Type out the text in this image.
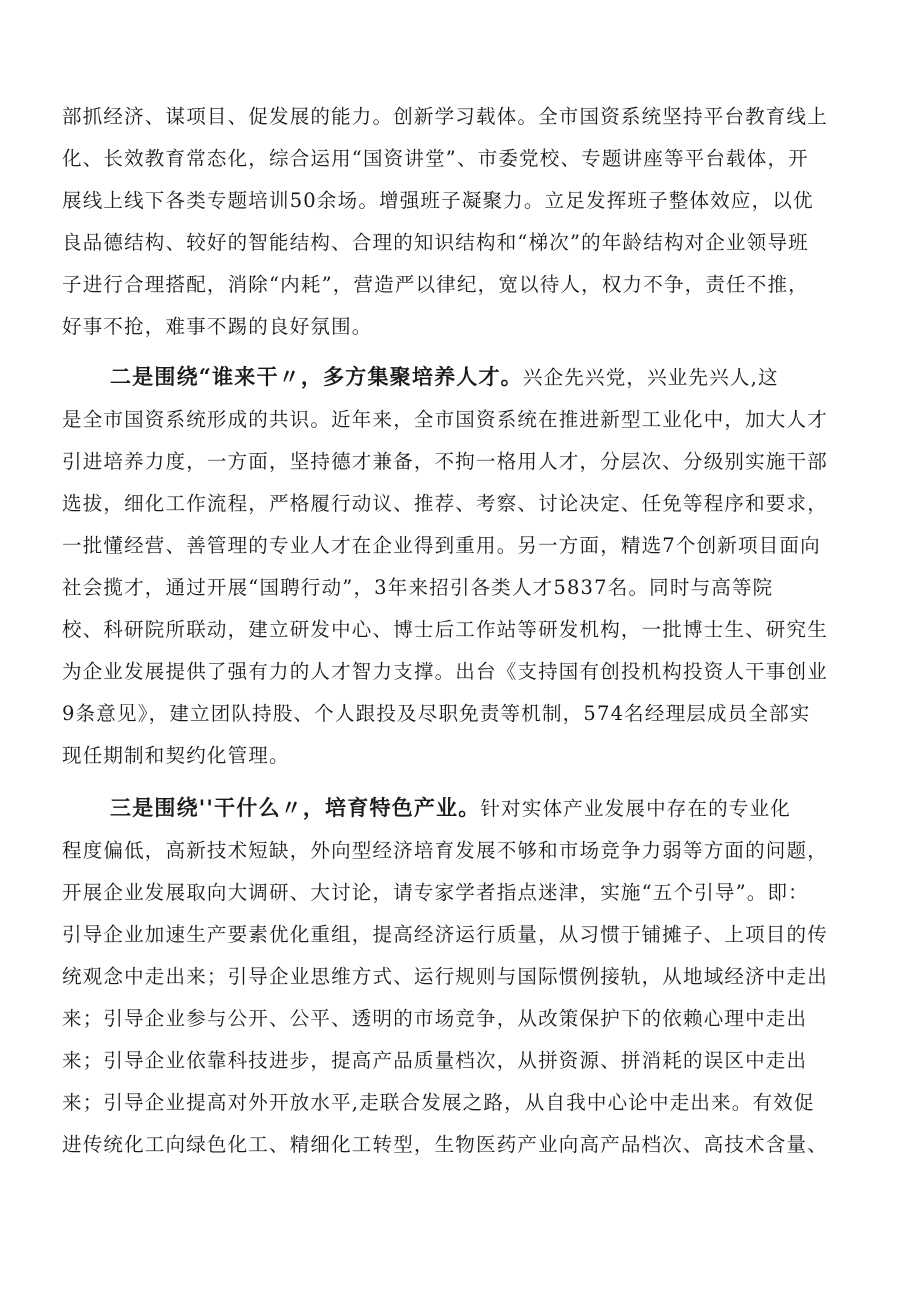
部抓经济、谋项目、促发展的能力。创新学习载体。全市国资系统坚持平台教育线上
化、长效教育常态化，综合运用“国资讲堂”、市委党校、专题讲座等平台载体，开
展线上线下各类专题培训50余场。增强班子凝聚力。立足发挥班子整体效应，以优
良品德结构、较好的智能结构、合理的知识结构和“梯次”的年龄结构对企业领导班
子进行合理搭配，消除“内耗”，营造严以律纪，宽以待人，权力不争，责任不推，
好事不抢，难事不踢的良好氛围。
二是围绕“谁来干〃，多方集聚培养人才。兴企先兴党，兴业先兴人,这
是全市国资系统形成的共识。近年来，全市国资系统在推进新型工业化中，加大人才
引进培养力度，一方面，坚持德才兼备，不拘一格用人才，分层次、分级别实施干部
选拔，细化工作流程，严格履行动议、推荐、考察、讨论决定、任免等程序和要求，
一批懂经营、善管理的专业人才在企业得到重用。另一方面，精选7个创新项目面向
社会揽才，通过开展“国聘行动”，3年来招引各类人才5837名。同时与高等院
校、科研院所联动，建立研发中心、博士后工作站等研发机构，一批博士生、研究生
为企业发展提供了强有力的人才智力支撑。出台《支持国有创投机构投资人干事创业
9条意见》，建立团队持股、个人跟投及尽职免责等机制，574名经理层成员全部实
现任期制和契约化管理。
三是围绕''干什么〃，培育特色产业。针对实体产业发展中存在的专业化
程度偏低，高新技术短缺，外向型经济培育发展不够和市场竞争力弱等方面的问题，
开展企业发展取向大调研、大讨论，请专家学者指点迷津，实施“五个引导”。即：
引导企业加速生产要素优化重组，提高经济运行质量，从习惯于铺摊子、上项目的传
统观念中走出来；引导企业思维方式、运行规则与国际惯例接轨，从地域经济中走出
来；引导企业参与公开、公平、透明的市场竞争，从改策保护下的依赖心理中走出
来；引导企业依靠科技进步，提高产品质量档次，从拼资源、拼消耗的误区中走出
来；引导企业提高对外开放水平,走联合发展之路，从自我中心论中走出来。有效促
进传统化工向绿色化工、精细化工转型，生物医药产业向高产品档次、高技术含量、
